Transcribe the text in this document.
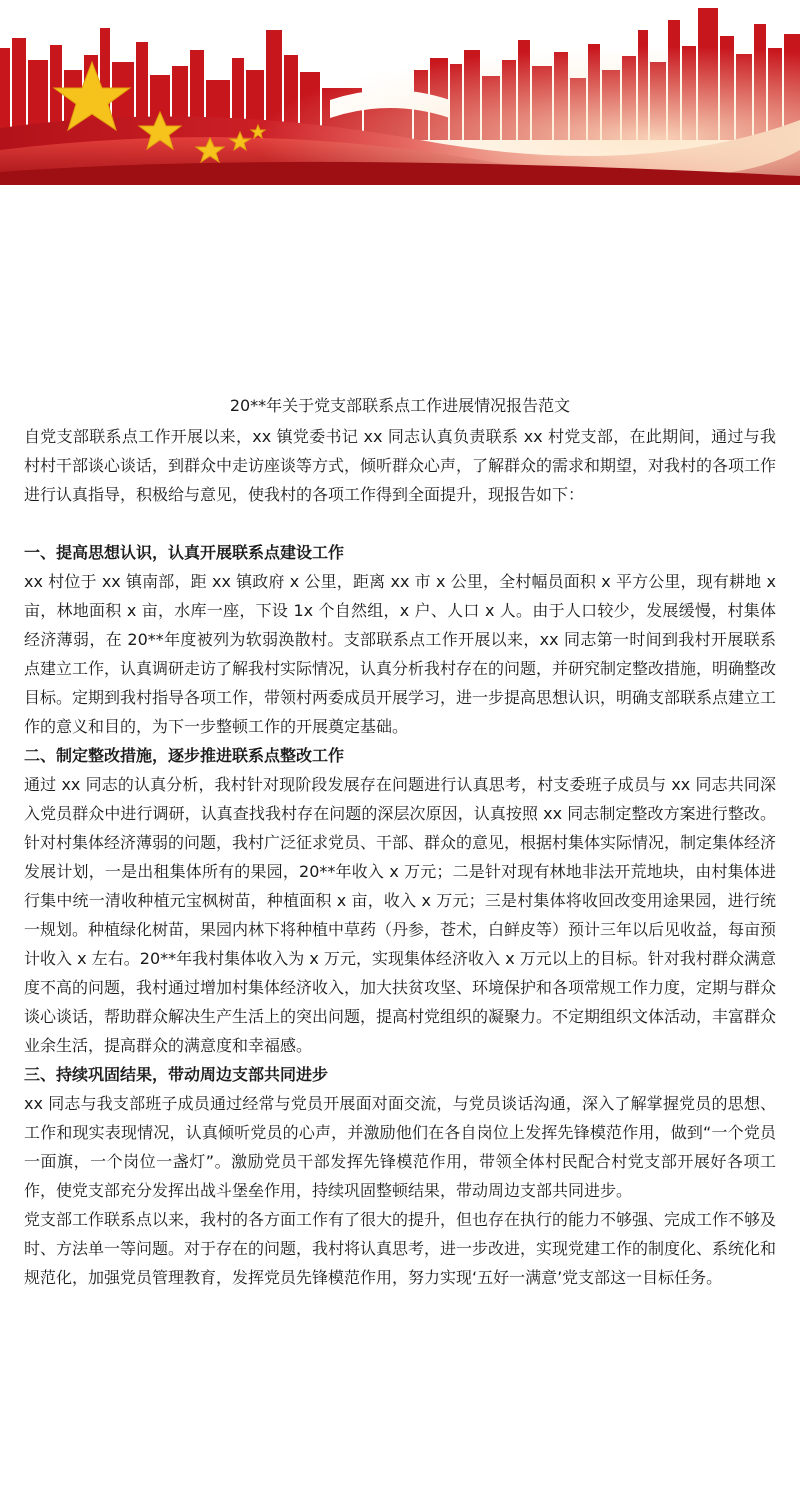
20**年关于党支部联系点工作进展情况报告范文

自党支部联系点工作开展以来，xx 镇党委书记 xx 同志认真负责联系 xx 村党支部，在此期间，通过与我村村干部谈心谈话，到群众中走访座谈等方式，倾听群众心声，了解群众的需求和期望，对我村的各项工作进行认真指导，积极给与意见，使我村的各项工作得到全面提升，现报告如下：

一、提高思想认识，认真开展联系点建设工作

xx 村位于 xx 镇南部，距 xx 镇政府 x 公里，距离 xx 市 x 公里，全村幅员面积 x 平方公里，现有耕地 x 亩，林地面积 x 亩，水库一座，下设 1x 个自然组，x 户、人口 x 人。由于人口较少，发展缓慢，村集体经济薄弱，在 20**年度被列为软弱涣散村。支部联系点工作开展以来，xx 同志第一时间到我村开展联系点建立工作，认真调研走访了解我村实际情况，认真分析我村存在的问题，并研究制定整改措施，明确整改目标。定期到我村指导各项工作，带领村两委成员开展学习，进一步提高思想认识，明确支部联系点建立工作的意义和目的，为下一步整顿工作的开展奠定基础。

二、制定整改措施，逐步推进联系点整改工作

通过 xx 同志的认真分析，我村针对现阶段发展存在问题进行认真思考，村支委班子成员与 xx 同志共同深入党员群众中进行调研，认真查找我村存在问题的深层次原因，认真按照 xx 同志制定整改方案进行整改。针对村集体经济薄弱的问题，我村广泛征求党员、干部、群众的意见，根据村集体实际情况，制定集体经济发展计划，一是出租集体所有的果园，20**年收入 x 万元；二是针对现有林地非法开荒地块，由村集体进行集中统一清收种植元宝枫树苗，种植面积 x 亩，收入 x 万元；三是村集体将收回改变用途果园，进行统一规划。种植绿化树苗，果园内林下将种植中草药（丹参，苍术，白鲜皮等）预计三年以后见收益，每亩预计收入 x 左右。20**年我村集体收入为 x 万元，实现集体经济收入 x 万元以上的目标。针对我村群众满意度不高的问题，我村通过增加村集体经济收入，加大扶贫攻坚、环境保护和各项常规工作力度，定期与群众谈心谈话，帮助群众解决生产生活上的突出问题，提高村党组织的凝聚力。不定期组织文体活动，丰富群众业余生活，提高群众的满意度和幸福感。

三、持续巩固结果，带动周边支部共同进步

xx 同志与我支部班子成员通过经常与党员开展面对面交流，与党员谈话沟通，深入了解掌握党员的思想、工作和现实表现情况，认真倾听党员的心声，并激励他们在各自岗位上发挥先锋模范作用，做到“一个党员一面旗，一个岗位一盏灯”。激励党员干部发挥先锋模范作用，带领全体村民配合村党支部开展好各项工作，使党支部充分发挥出战斗堡垒作用，持续巩固整顿结果，带动周边支部共同进步。

党支部工作联系点以来，我村的各方面工作有了很大的提升，但也存在执行的能力不够强、完成工作不够及时、方法单一等问题。对于存在的问题，我村将认真思考，进一步改进，实现党建工作的制度化、系统化和规范化，加强党员管理教育，发挥党员先锋模范作用，努力实现‘五好一满意’党支部这一目标任务。
